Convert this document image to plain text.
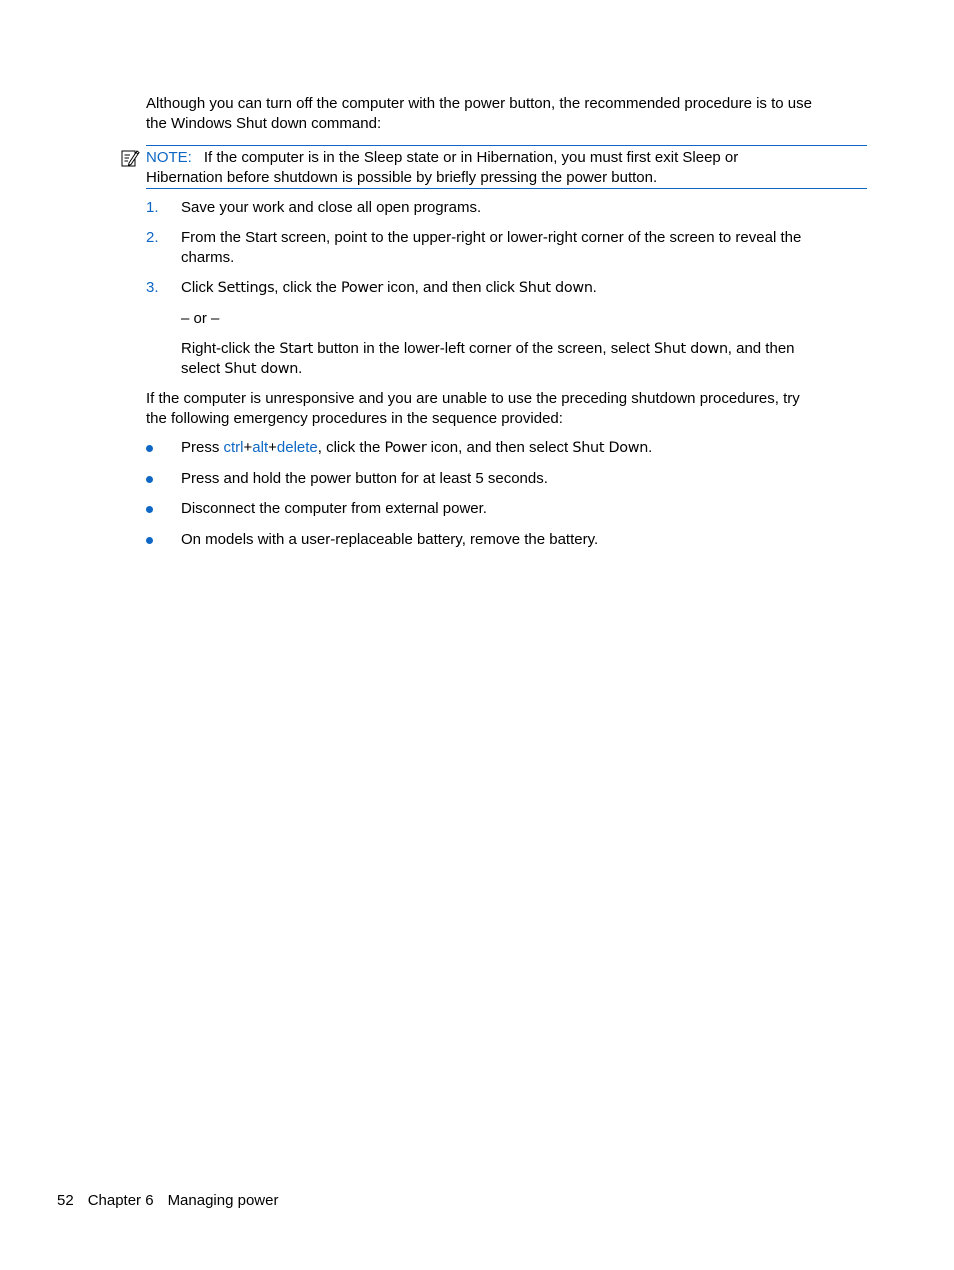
Although you can turn off the computer with the power button, the recommended procedure is to use
the Windows Shut down command:

NOTE: If the computer is in the Sleep state or in Hibernation, you must first exit Sleep or
Hibernation before shutdown is possible by briefly pressing the power button.
1. Save your work and close all open programs.

2. From the Start screen, point to the upper-right or lower-right corner of the screen to reveal the
charms.

3. Click Settings, click the Power icon, and then click Shut down.

– or –

Right-click the Start button in the lower-left corner of the screen, select Shut down, and then
select Shut down.

If the computer is unresponsive and you are unable to use the preceding shutdown procedures, try
the following emergency procedures in the sequence provided:

Press ctrl+alt+delete, click the Power icon, and then select Shut Down.

Press and hold the power button for at least 5 seconds.

Disconnect the computer from external power.

On models with a user-replaceable battery, remove the battery.

52 Chapter 6 Managing power
